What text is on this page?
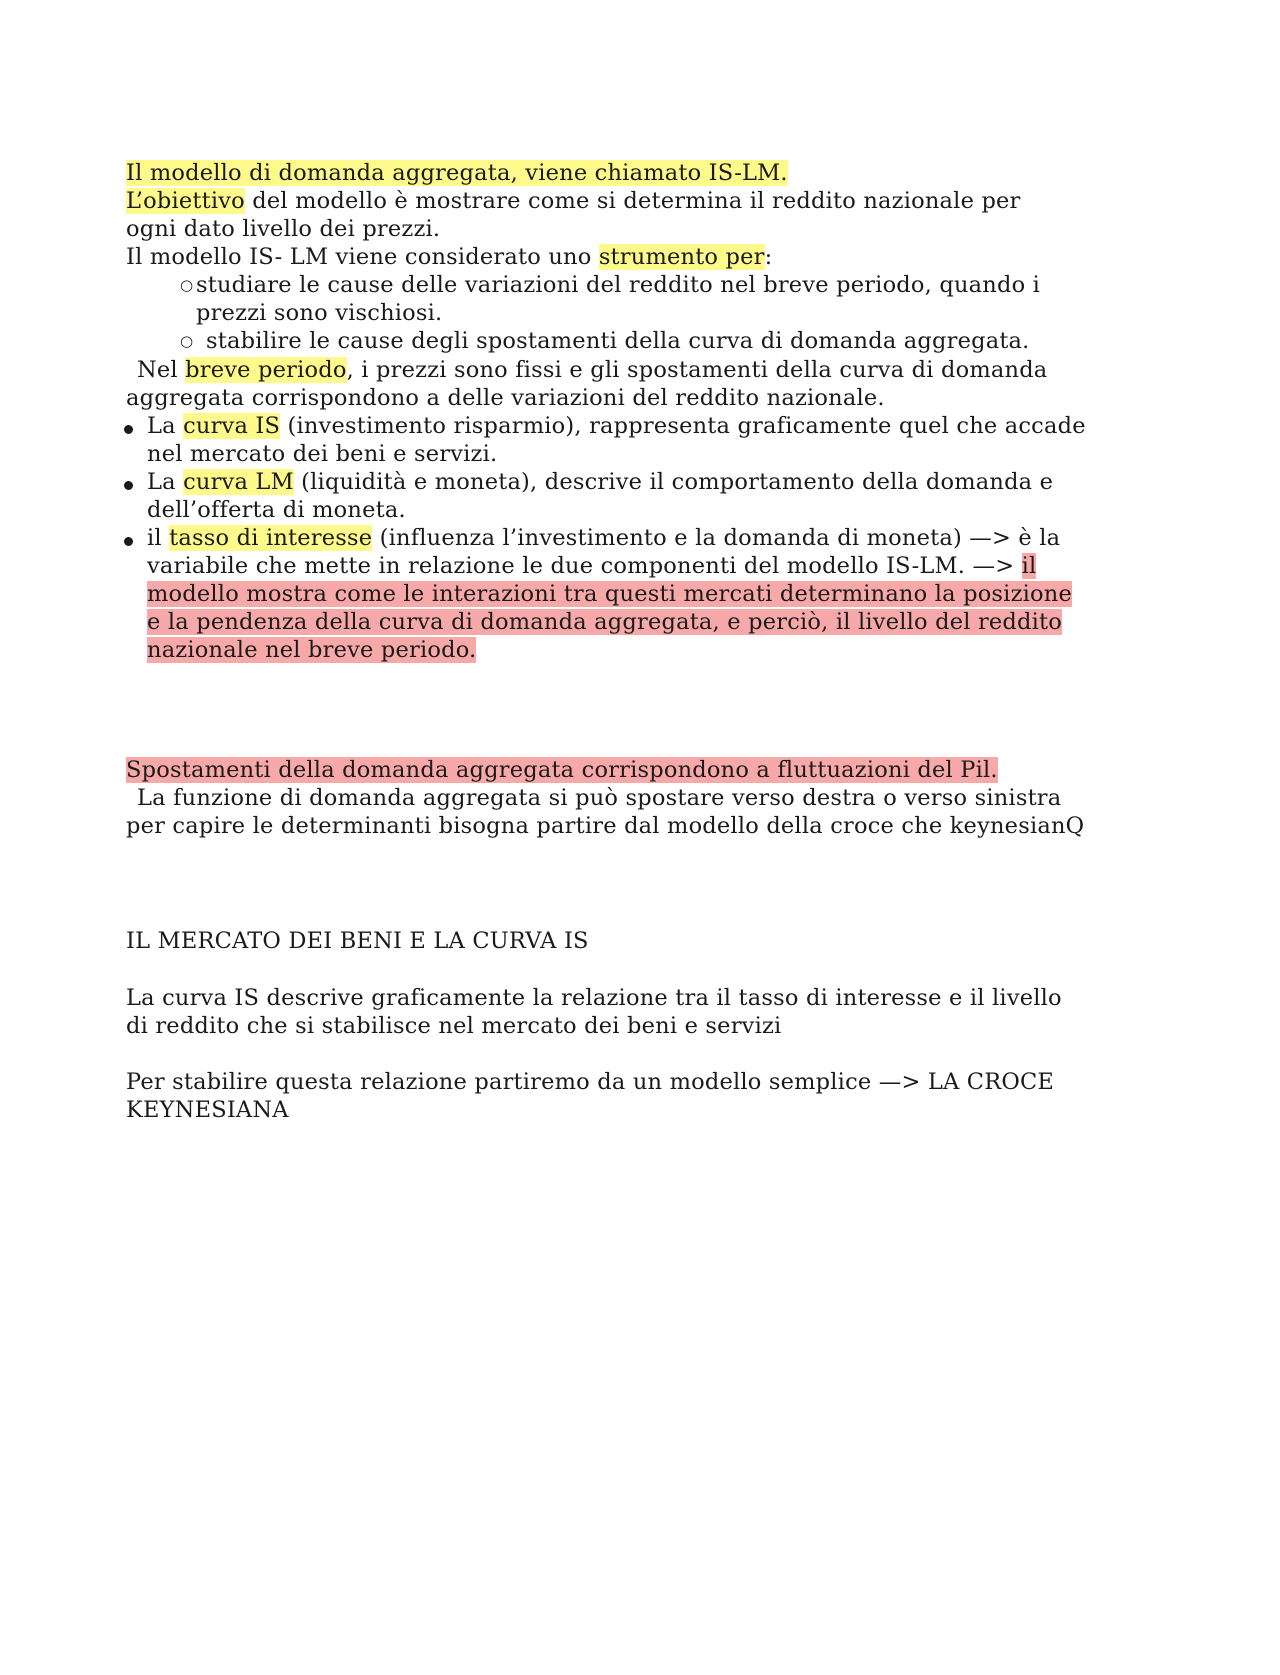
Il modello di domanda aggregata, viene chiamato IS-LM.
L’obiettivo del modello è mostrare come si determina il reddito nazionale per
ogni dato livello dei prezzi.
Il modello IS- LM viene considerato uno strumento per:
○ studiare le cause delle variazioni del reddito nel breve periodo, quando i
prezzi sono vischiosi.
○ stabilire le cause degli spostamenti della curva di domanda aggregata.
Nel breve periodo, i prezzi sono fissi e gli spostamenti della curva di domanda
aggregata corrispondono a delle variazioni del reddito nazionale.
La curva IS (investimento risparmio), rappresenta graficamente quel che accade
nel mercato dei beni e servizi.
La curva LM (liquidità e moneta), descrive il comportamento della domanda e
dell’offerta di moneta.
il tasso di interesse (influenza l’investimento e la domanda di moneta) —> è la
variabile che mette in relazione le due componenti del modello IS-LM. —> il
modello mostra come le interazioni tra questi mercati determinano la posizione
e la pendenza della curva di domanda aggregata, e perciò, il livello del reddito
nazionale nel breve periodo.
Spostamenti della domanda aggregata corrispondono a fluttuazioni del Pil.
La funzione di domanda aggregata si può spostare verso destra o verso sinistra
per capire le determinanti bisogna partire dal modello della croce che keynesianQ
IL MERCATO DEI BENI E LA CURVA IS
La curva IS descrive graficamente la relazione tra il tasso di interesse e il livello
di reddito che si stabilisce nel mercato dei beni e servizi
Per stabilire questa relazione partiremo da un modello semplice —> LA CROCE
KEYNESIANA
